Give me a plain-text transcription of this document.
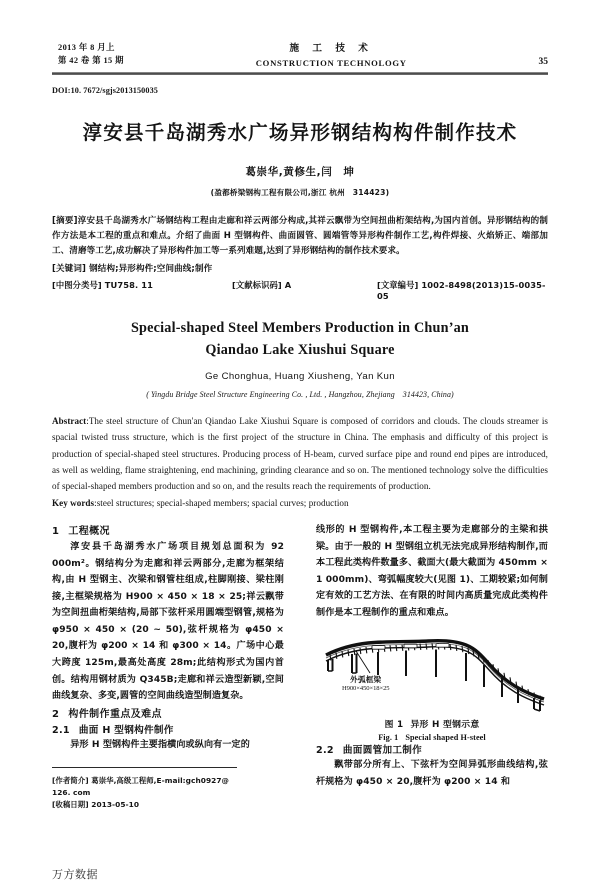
2013 年 8 月上
第 42 卷 第 15 期
施 工 技 术
CONSTRUCTION TECHNOLOGY	35
DOI:10. 7672/sgjs2013150035
淳安县千岛湖秀水广场异形钢结构构件制作技术
葛崇华,黄修生,闫　坤
(盈都桥梁钢构工程有限公司,浙江 杭州　314423)
[摘要]淳安县千岛湖秀水广场钢结构工程由走廊和祥云两部分构成,其祥云飘带为空间扭曲桁架结构,为国内首创。异形钢结构的制作方法是本工程的重点和难点。介绍了曲面 H 型钢构件、曲面圆管、圆端管等异形构件制作工艺,构件焊接、火焰矫正、端部加工、清磨等工艺,成功解决了异形构件加工等一系列难题,达到了异形钢结构的制作技术要求。
[关键词] 钢结构;异形构件;空间曲线;制作
[中图分类号] TU758. 11	[文献标识码] A	[文章编号] 1002-8498(2013)15-0035-05
Special-shaped Steel Members Production in Chun’an
Qiandao Lake Xiushui Square
Ge Chonghua, Huang Xiusheng, Yan Kun
( Yingdu Bridge Steel Structure Engineering Co. , Ltd. , Hangzhou, Zhejiang　314423, China)
Abstract:The steel structure of Chun'an Qiandao Lake Xiushui Square is composed of corridors and clouds. The clouds streamer is spacial twisted truss structure, which is the first project of the structure in China. The emphasis and difficulty of this project is production of special-shaped steel structures. Producing process of H-beam, curved surface pipe and round end pipes are introduced, as well as welding, flame straightening, end machining, grinding clearance and so on. The mentioned technology solve the difficulties of special-shaped members production and so on, and the results reach the requirements of production.
Key words:steel structures; special-shaped members; spacial curves; production
1 工程概况
淳安县千岛湖秀水广场项目规划总面积为 92 000m²。钢结构分为走廊和祥云两部分,走廊为框架结构,由 H 型钢主、次梁和钢管柱组成,柱脚刚接、梁柱刚接,主框梁规格为 H900 × 450 × 18 × 25;祥云飘带为空间扭曲桁架结构,局部下弦杆采用圆端型钢管,规格为 φ950 × 450 × (20 ~ 50),弦杆规格为 φ450 × 20,腹杆为 φ200 × 14 和 φ300 × 14。广场中心最大跨度 125m,最高处高度 28m;此结构形式为国内首创。结构用钢材质为 Q345B;走廊和祥云造型新颖,空间曲线复杂、多变,圆管的空间曲线造型制造复杂。
2 构件制作重点及难点
2.1 曲面 H 型钢构件制作
异形 H 型钢构件主要指横向或纵向有一定的
[作者简介] 葛崇华,高级工程师,E-mail:gch0927@ 126. com
[收稿日期] 2013-05-10
线形的 H 型钢构件,本工程主要为走廊部分的主梁和拱梁。由于一般的 H 型钢组立机无法完成异形结构制作,而本工程此类构件数量多、截面大(最大截面为 450mm × 1 000mm)、弯弧幅度较大(见图 1)、工期较紧;如何制定有效的工艺方法、在有限的时间内高质量完成此类构件制作是本工程制作的重点和难点。
外弧框梁
H900×450×18×25
图 1 异形 H 型钢示意
Fig. 1 Special shaped H-steel
2.2 曲面圆管加工制作
飘带部分所有上、下弦杆为空间异弧形曲线结构,弦杆规格为 φ450 × 20,腹杆为 φ200 × 14 和
万方数据
